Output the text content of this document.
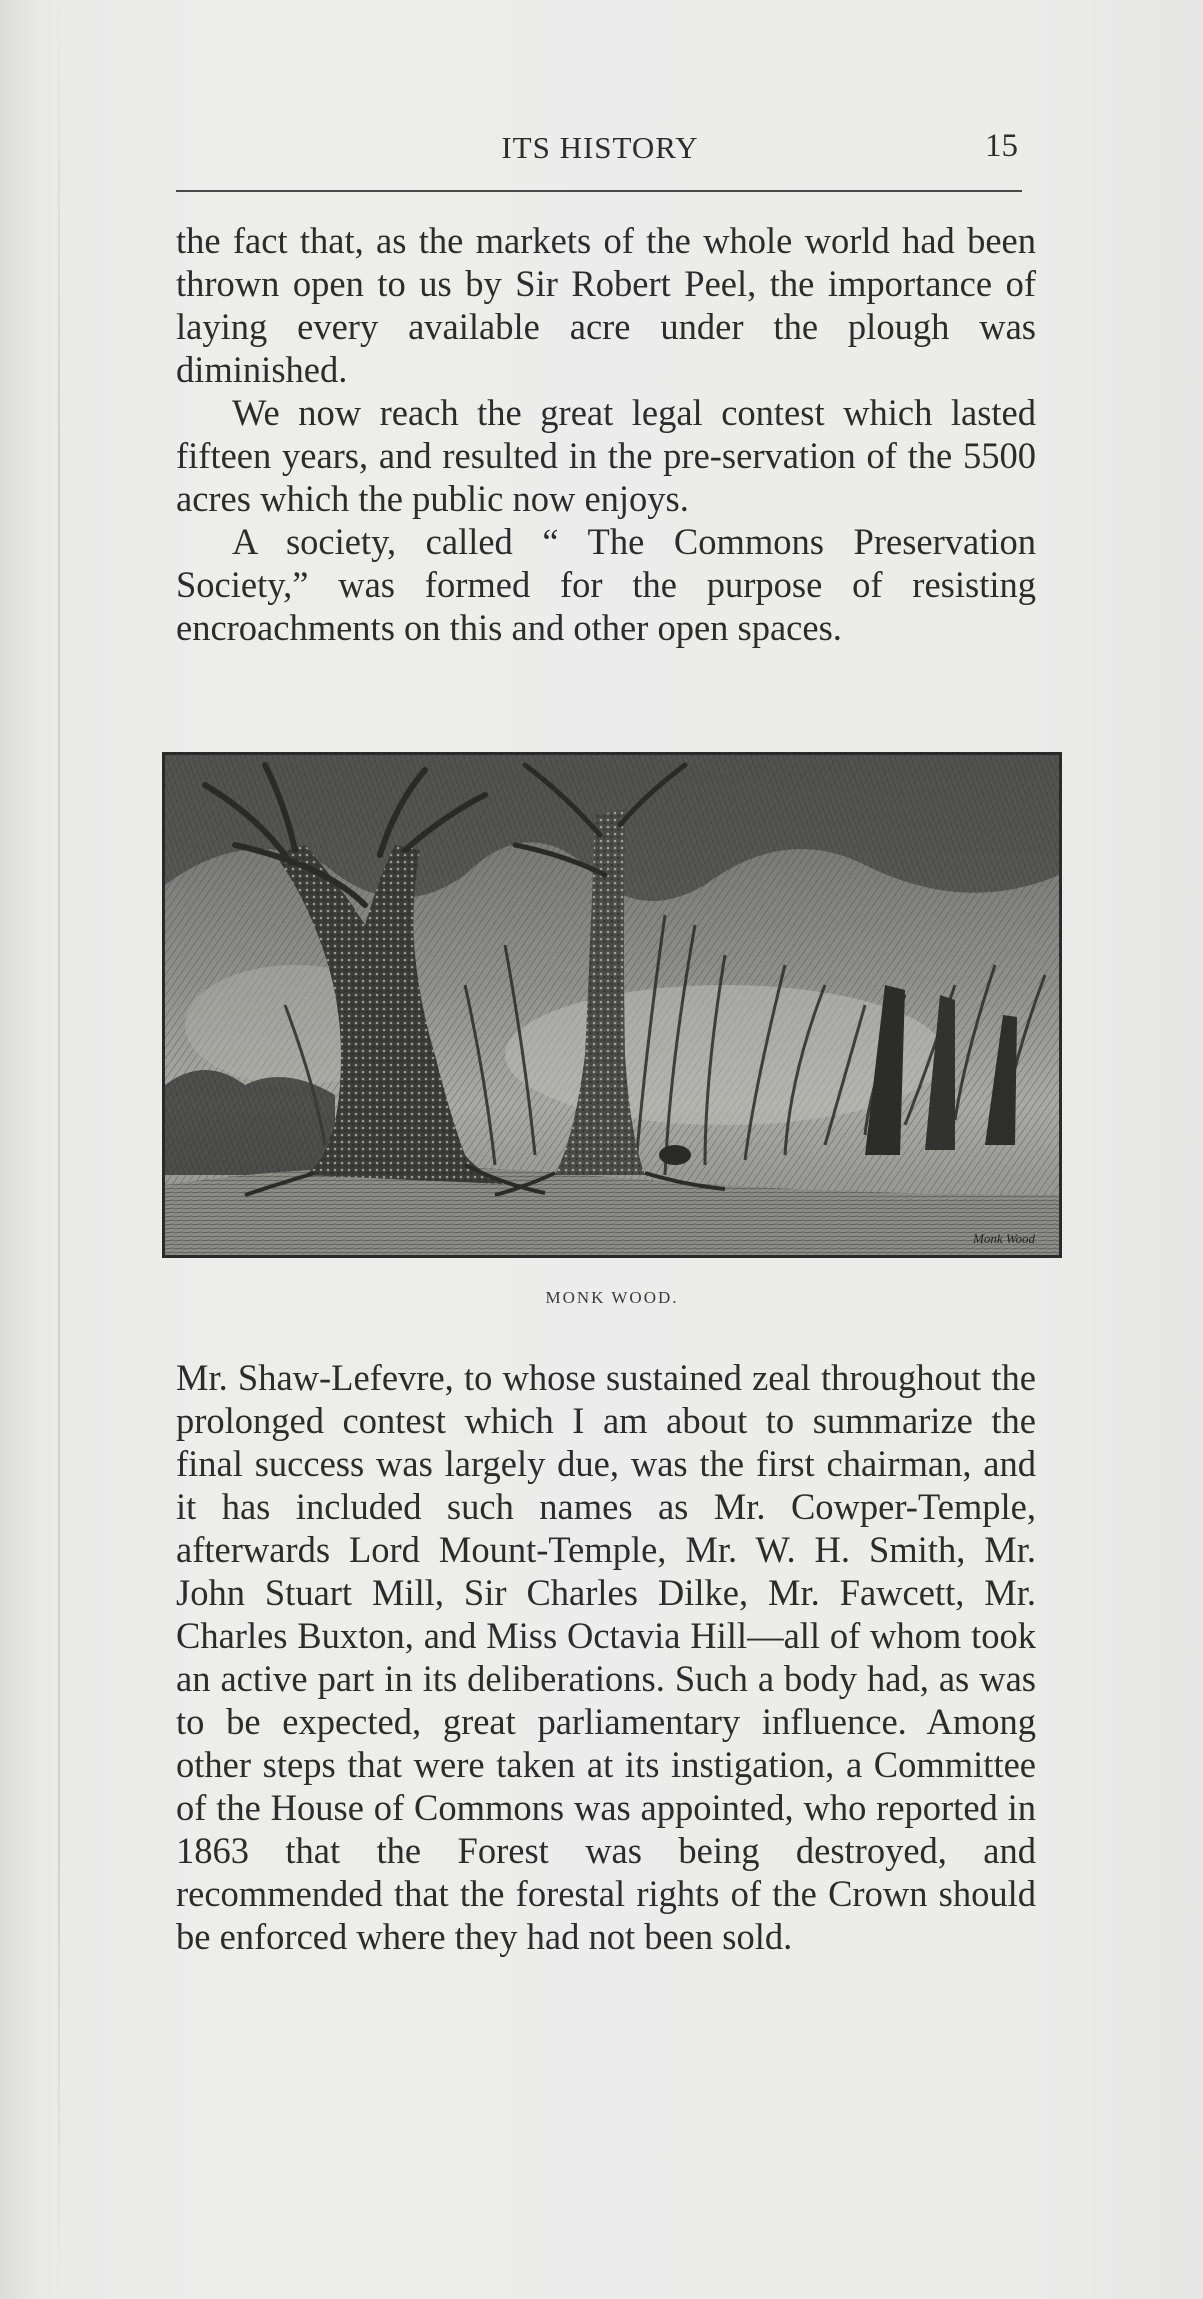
ITS HISTORY	15

the fact that, as the markets of the whole world had been thrown open to us by Sir Robert Peel, the importance of laying every available acre under the plough was diminished.

We now reach the great legal contest which lasted fifteen years, and resulted in the pre-servation of the 5500 acres which the public now enjoys.

A society, called “ The Commons Preservation Society,” was formed for the purpose of resisting encroachments on this and other open spaces.

Monk Wood
MONK WOOD.

Mr. Shaw-Lefevre, to whose sustained zeal throughout the prolonged contest which I am about to summarize the final success was largely due, was the first chairman, and it has included such names as Mr. Cowper-Temple, afterwards Lord Mount-Temple, Mr. W. H. Smith, Mr. John Stuart Mill, Sir Charles Dilke, Mr. Fawcett, Mr. Charles Buxton, and Miss Octavia Hill—all of whom took an active part in its deliberations. Such a body had, as was to be expected, great parliamentary influence. Among other steps that were taken at its instigation, a Committee of the House of Commons was appointed, who reported in 1863 that the Forest was being destroyed, and recommended that the forestal rights of the Crown should be enforced where they had not been sold.
